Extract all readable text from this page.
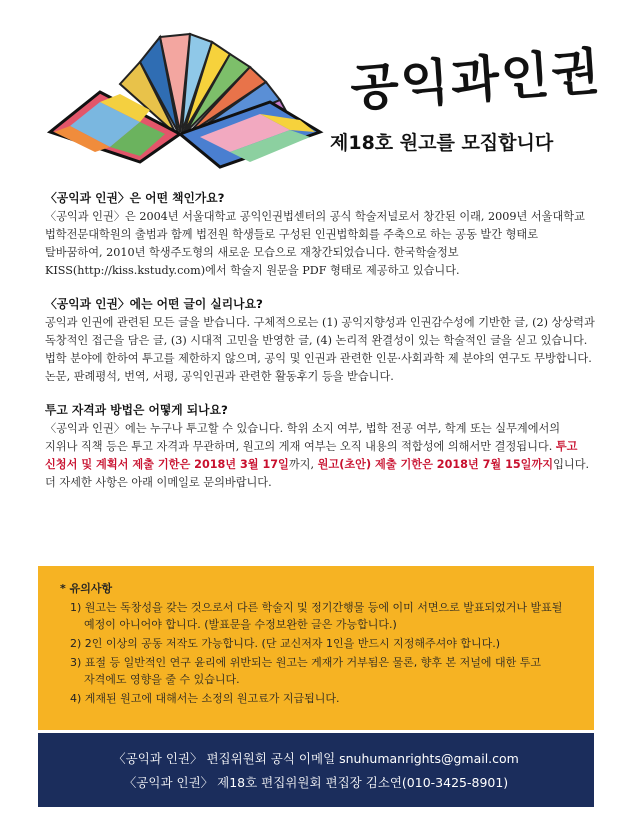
공익과인권
제18호 원고를 모집합니다
〈공익과 인권〉은 어떤 책인가요?

〈공익과 인권〉은 2004년 서울대학교 공익인권법센터의 공식 학술저널로서 창간된 이래, 2009년 서울대학교 법학전문대학원의 출범과 함께 법전원 학생들로 구성된 인권법학회를 주축으로 하는 공동 발간 형태로 탈바꿈하여, 2010년 학생주도형의 새로운 모습으로 재창간되었습니다. 한국학술정보 KISS(http://kiss.kstudy.com)에서 학술지 원문을 PDF 형태로 제공하고 있습니다.

〈공익과 인권〉에는 어떤 글이 실리나요?

공익과 인권에 관련된 모든 글을 받습니다. 구체적으로는 (1) 공익지향성과 인권감수성에 기반한 글, (2) 상상력과 독창적인 접근을 담은 글, (3) 시대적 고민을 반영한 글, (4) 논리적 완결성이 있는 학술적인 글을 싣고 있습니다. 법학 분야에 한하여 투고를 제한하지 않으며, 공익 및 인권과 관련한 인문·사회과학 제 분야의 연구도 무방합니다. 논문, 판례평석, 번역, 서평, 공익인권과 관련한 활동후기 등을 받습니다.

투고 자격과 방법은 어떻게 되나요?

〈공익과 인권〉에는 누구나 투고할 수 있습니다. 학위 소지 여부, 법학 전공 여부, 학계 또는 실무계에서의 지위나 직책 등은 투고 자격과 무관하며, 원고의 게재 여부는 오직 내용의 적합성에 의해서만 결정됩니다. 투고 신청서 및 계획서 제출 기한은 2018년 3월 17일까지, 원고(초안) 제출 기한은 2018년 7월 15일까지입니다. 더 자세한 사항은 아래 이메일로 문의바랍니다.

* 유의사항
1) 원고는 독창성을 갖는 것으로서 다른 학술지 및 정기간행물 등에 이미 서면으로 발표되었거나 발표될 예정이 아니어야 합니다. (발표문을 수정보완한 글은 가능합니다.)
2) 2인 이상의 공동 저작도 가능합니다. (단 교신저자 1인을 반드시 지정해주셔야 합니다.)
3) 표절 등 일반적인 연구 윤리에 위반되는 원고는 게재가 거부됨은 물론, 향후 본 저널에 대한 투고 자격에도 영향을 줄 수 있습니다.
4) 게재된 원고에 대해서는 소정의 원고료가 지급됩니다.
〈공익과 인권〉 편집위원회 공식 이메일 snuhumanrights@gmail.com
〈공익과 인권〉 제18호 편집위원회 편집장 김소연(010-3425-8901)
